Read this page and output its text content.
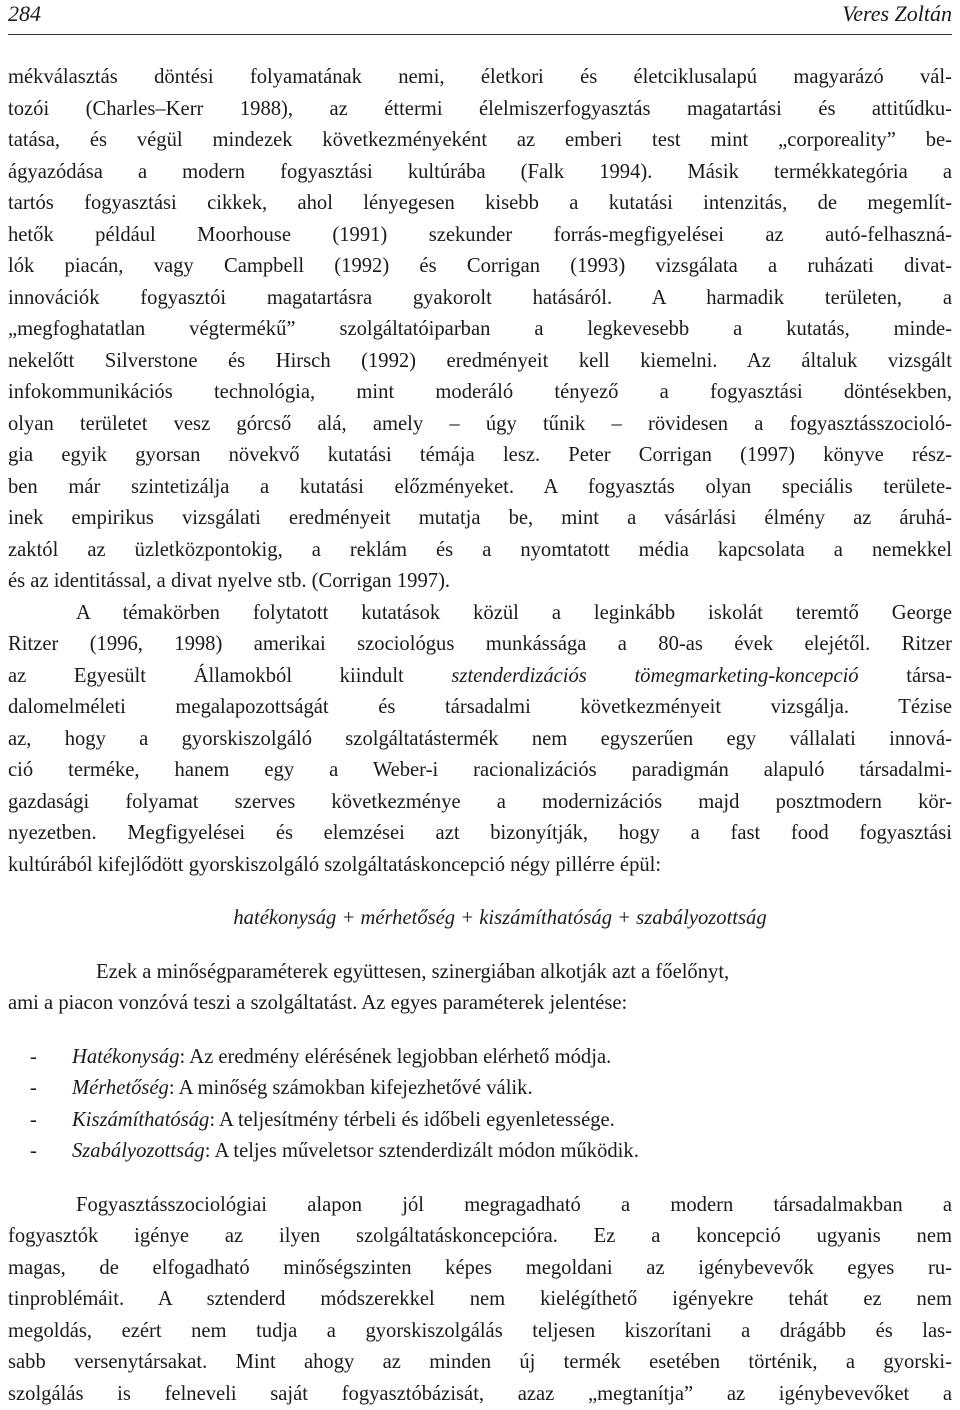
284	Veres Zoltán
mékválasztás döntési folyamatának nemi, életkori és életciklusalapú magyarázó vál-
tozói (Charles–Kerr 1988), az éttermi élelmiszerfogyasztás magatartási és attitűdku-
tatása, és végül mindezek következményeként az emberi test mint „corporeality” be-
ágyazódása a modern fogyasztási kultúrába (Falk 1994). Másik termékkategória a
tartós fogyasztási cikkek, ahol lényegesen kisebb a kutatási intenzitás, de megemlít-
hetők például Moorhouse (1991) szekunder forrás-megfigyelései az autó-felhaszná-
lók piacán, vagy Campbell (1992) és Corrigan (1993) vizsgálata a ruházati divat-
innovációk fogyasztói magatartásra gyakorolt hatásáról. A harmadik területen, a
„megfoghatatlan végtermékű” szolgáltatóiparban a legkevesebb a kutatás, minde-
nekelőtt Silverstone és Hirsch (1992) eredményeit kell kiemelni. Az általuk vizsgált
infokommunikációs technológia, mint moderáló tényező a fogyasztási döntésekben,
olyan területet vesz górcső alá, amely – úgy tűnik – rövidesen a fogyasztásszocioló-
gia egyik gyorsan növekvő kutatási témája lesz. Peter Corrigan (1997) könyve rész-
ben már szintetizálja a kutatási előzményeket. A fogyasztás olyan speciális területe-
inek empirikus vizsgálati eredményeit mutatja be, mint a vásárlási élmény az áruhá-
zaktól az üzletközpontokig, a reklám és a nyomtatott média kapcsolata a nemekkel
és az identitással, a divat nyelve stb. (Corrigan 1997).
A témakörben folytatott kutatások közül a leginkább iskolát teremtő George
Ritzer (1996, 1998) amerikai szociológus munkássága a 80-as évek elejétől. Ritzer
az Egyesült Államokból kiindult sztenderdizációs tömegmarketing-koncepció társa-
dalomelméleti megalapozottságát és társadalmi következményeit vizsgálja. Tézise
az, hogy a gyorskiszolgáló szolgáltatástermék nem egyszerűen egy vállalati innová-
ció terméke, hanem egy a Weber-i racionalizációs paradigmán alapuló társadalmi-
gazdasági folyamat szerves következménye a modernizációs majd posztmodern kör-
nyezetben. Megfigyelései és elemzései azt bizonyítják, hogy a fast food fogyasztási
kultúrából kifejlődött gyorskiszolgáló szolgáltatáskoncepció négy pillérre épül:
hatékonyság + mérhetőség + kiszámíthatóság + szabályozottság
Ezek a minőségparaméterek együttesen, szinergiában alkotják azt a főelőnyt,
ami a piacon vonzóvá teszi a szolgáltatást. Az egyes paraméterek jelentése:
- Hatékonyság: Az eredmény elérésének legjobban elérhető módja.
- Mérhetőség: A minőség számokban kifejezhetővé válik.
- Kiszámíthatóság: A teljesítmény térbeli és időbeli egyenletessége.
- Szabályozottság: A teljes műveletsor sztenderdizált módon működik.
Fogyasztásszociológiai alapon jól megragadható a modern társadalmakban a
fogyasztók igénye az ilyen szolgáltatáskoncepcióra. Ez a koncepció ugyanis nem
magas, de elfogadható minőségszinten képes megoldani az igénybevevők egyes ru-
tinproblémáit. A sztenderd módszerekkel nem kielégíthető igényekre tehát ez nem
megoldás, ezért nem tudja a gyorskiszolgálás teljesen kiszorítani a drágább és las-
sabb versenytársakat. Mint ahogy az minden új termék esetében történik, a gyorski-
szolgálás is felneveli saját fogyasztóbázisát, azaz „megtanítja” az igénybevevőket a
